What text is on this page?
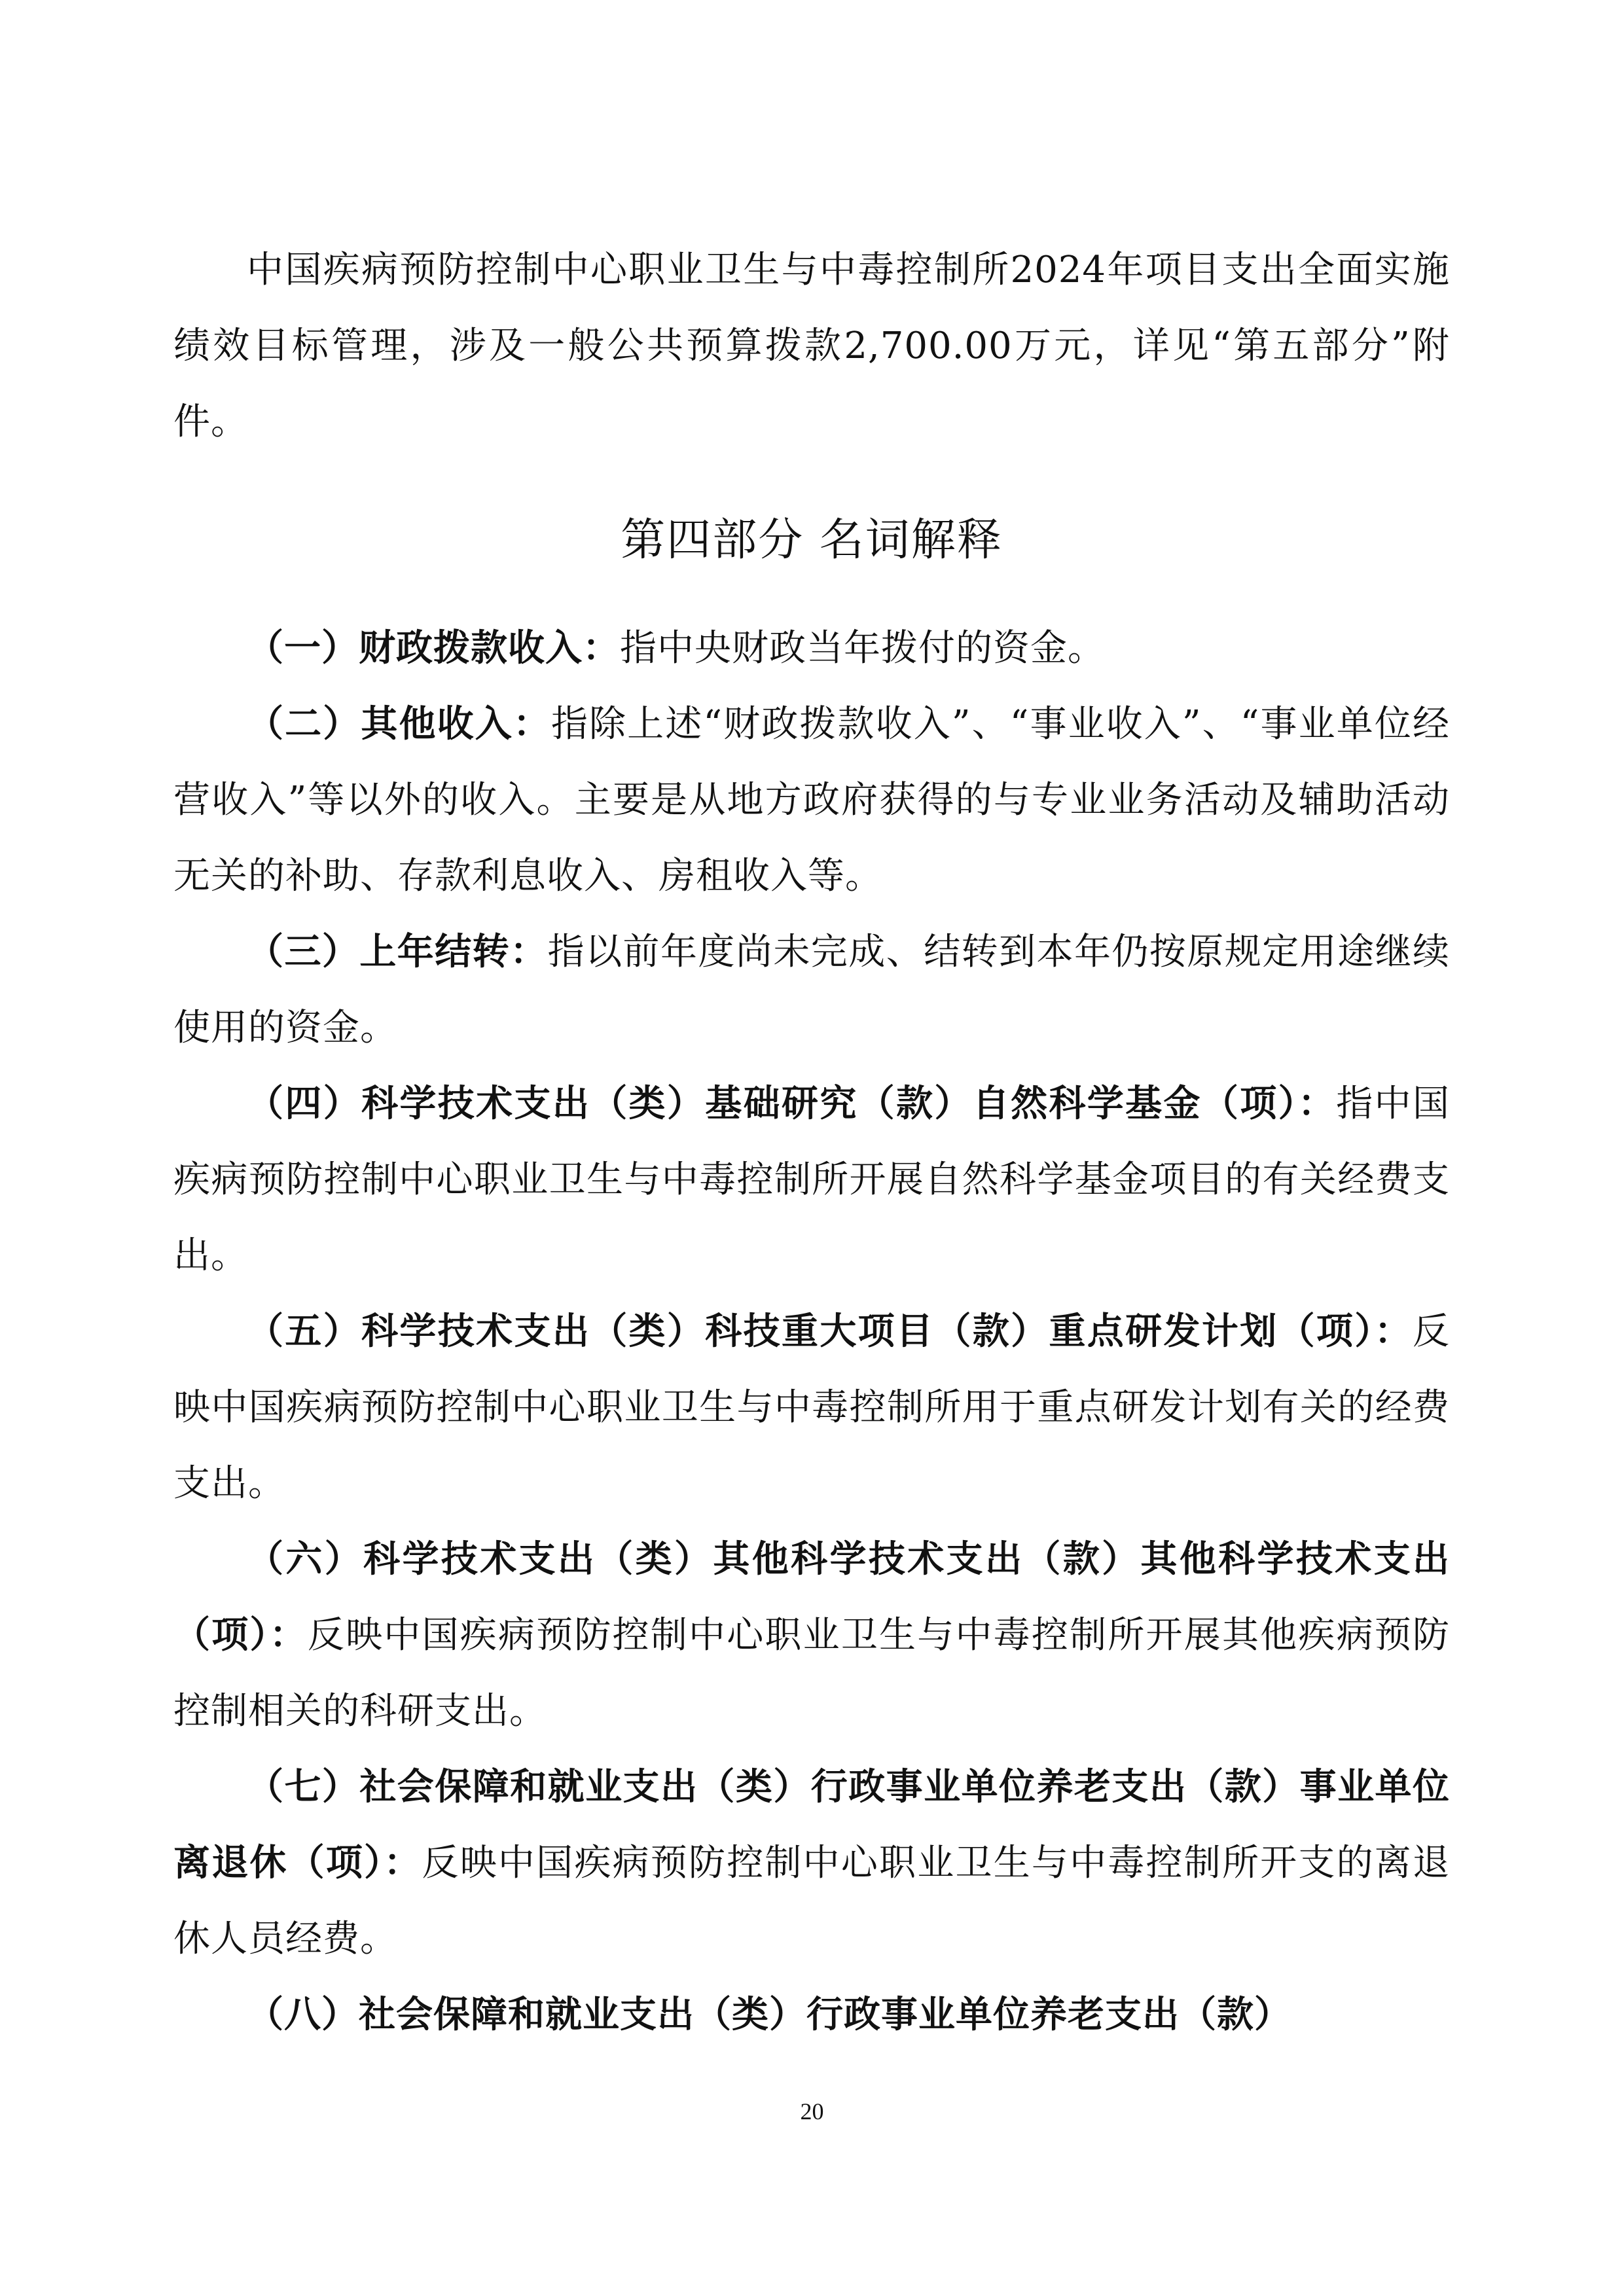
中国疾病预防控制中心职业卫生与中毒控制所2024年项目支出全面实施绩效目标管理，涉及一般公共预算拨款2,700.00万元，详见“第五部分”附件。

第四部分 名词解释

（一）财政拨款收入：指中央财政当年拨付的资金。

（二）其他收入：指除上述“财政拨款收入”、“事业收入”、“事业单位经营收入”等以外的收入。主要是从地方政府获得的与专业业务活动及辅助活动无关的补助、存款利息收入、房租收入等。

（三）上年结转：指以前年度尚未完成、结转到本年仍按原规定用途继续使用的资金。

（四）科学技术支出（类）基础研究（款）自然科学基金（项）：指中国疾病预防控制中心职业卫生与中毒控制所开展自然科学基金项目的有关经费支出。

（五）科学技术支出（类）科技重大项目（款）重点研发计划（项）：反映中国疾病预防控制中心职业卫生与中毒控制所用于重点研发计划有关的经费支出。

（六）科学技术支出（类）其他科学技术支出（款）其他科学技术支出（项）：反映中国疾病预防控制中心职业卫生与中毒控制所开展其他疾病预防控制相关的科研支出。

（七）社会保障和就业支出（类）行政事业单位养老支出（款）事业单位离退休（项）：反映中国疾病预防控制中心职业卫生与中毒控制所开支的离退休人员经费。

（八）社会保障和就业支出（类）行政事业单位养老支出（款）

20
